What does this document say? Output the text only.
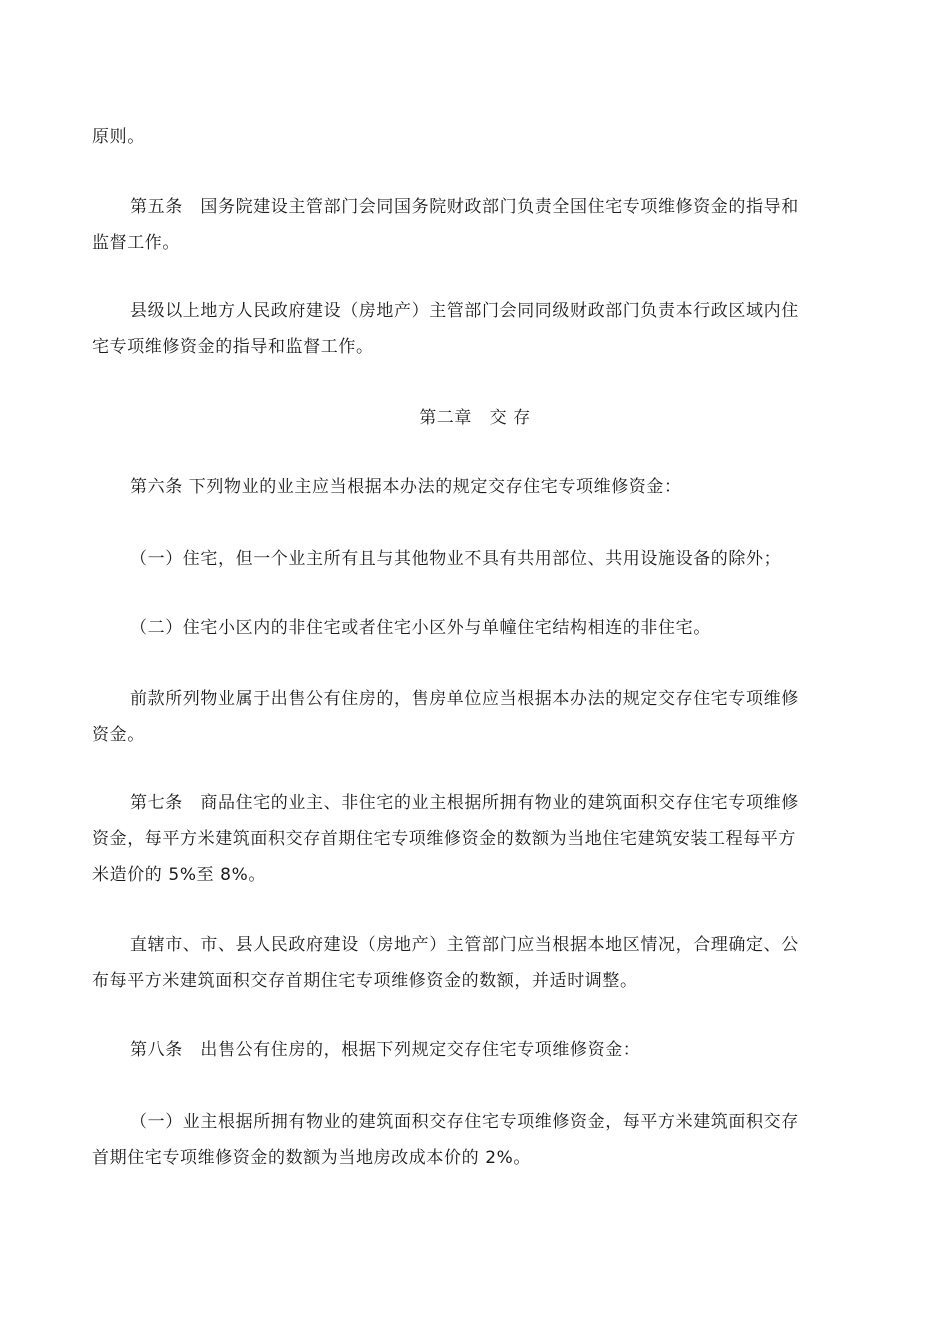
原则。

第五条　国务院建设主管部门会同国务院财政部门负责全国住宅专项维修资金的指导和
监督工作。

县级以上地方人民政府建设（房地产）主管部门会同同级财政部门负责本行政区域内住
宅专项维修资金的指导和监督工作。

第二章　交 存

第六条 下列物业的业主应当根据本办法的规定交存住宅专项维修资金：

（一）住宅，但一个业主所有且与其他物业不具有共用部位、共用设施设备的除外；

（二）住宅小区内的非住宅或者住宅小区外与单幢住宅结构相连的非住宅。

前款所列物业属于出售公有住房的，售房单位应当根据本办法的规定交存住宅专项维修
资金。

第七条　商品住宅的业主、非住宅的业主根据所拥有物业的建筑面积交存住宅专项维修
资金，每平方米建筑面积交存首期住宅专项维修资金的数额为当地住宅建筑安装工程每平方
米造价的 5%至 8%。

直辖市、市、县人民政府建设（房地产）主管部门应当根据本地区情况，合理确定、公
布每平方米建筑面积交存首期住宅专项维修资金的数额，并适时调整。

第八条　出售公有住房的，根据下列规定交存住宅专项维修资金：

（一）业主根据所拥有物业的建筑面积交存住宅专项维修资金，每平方米建筑面积交存
首期住宅专项维修资金的数额为当地房改成本价的 2%。
